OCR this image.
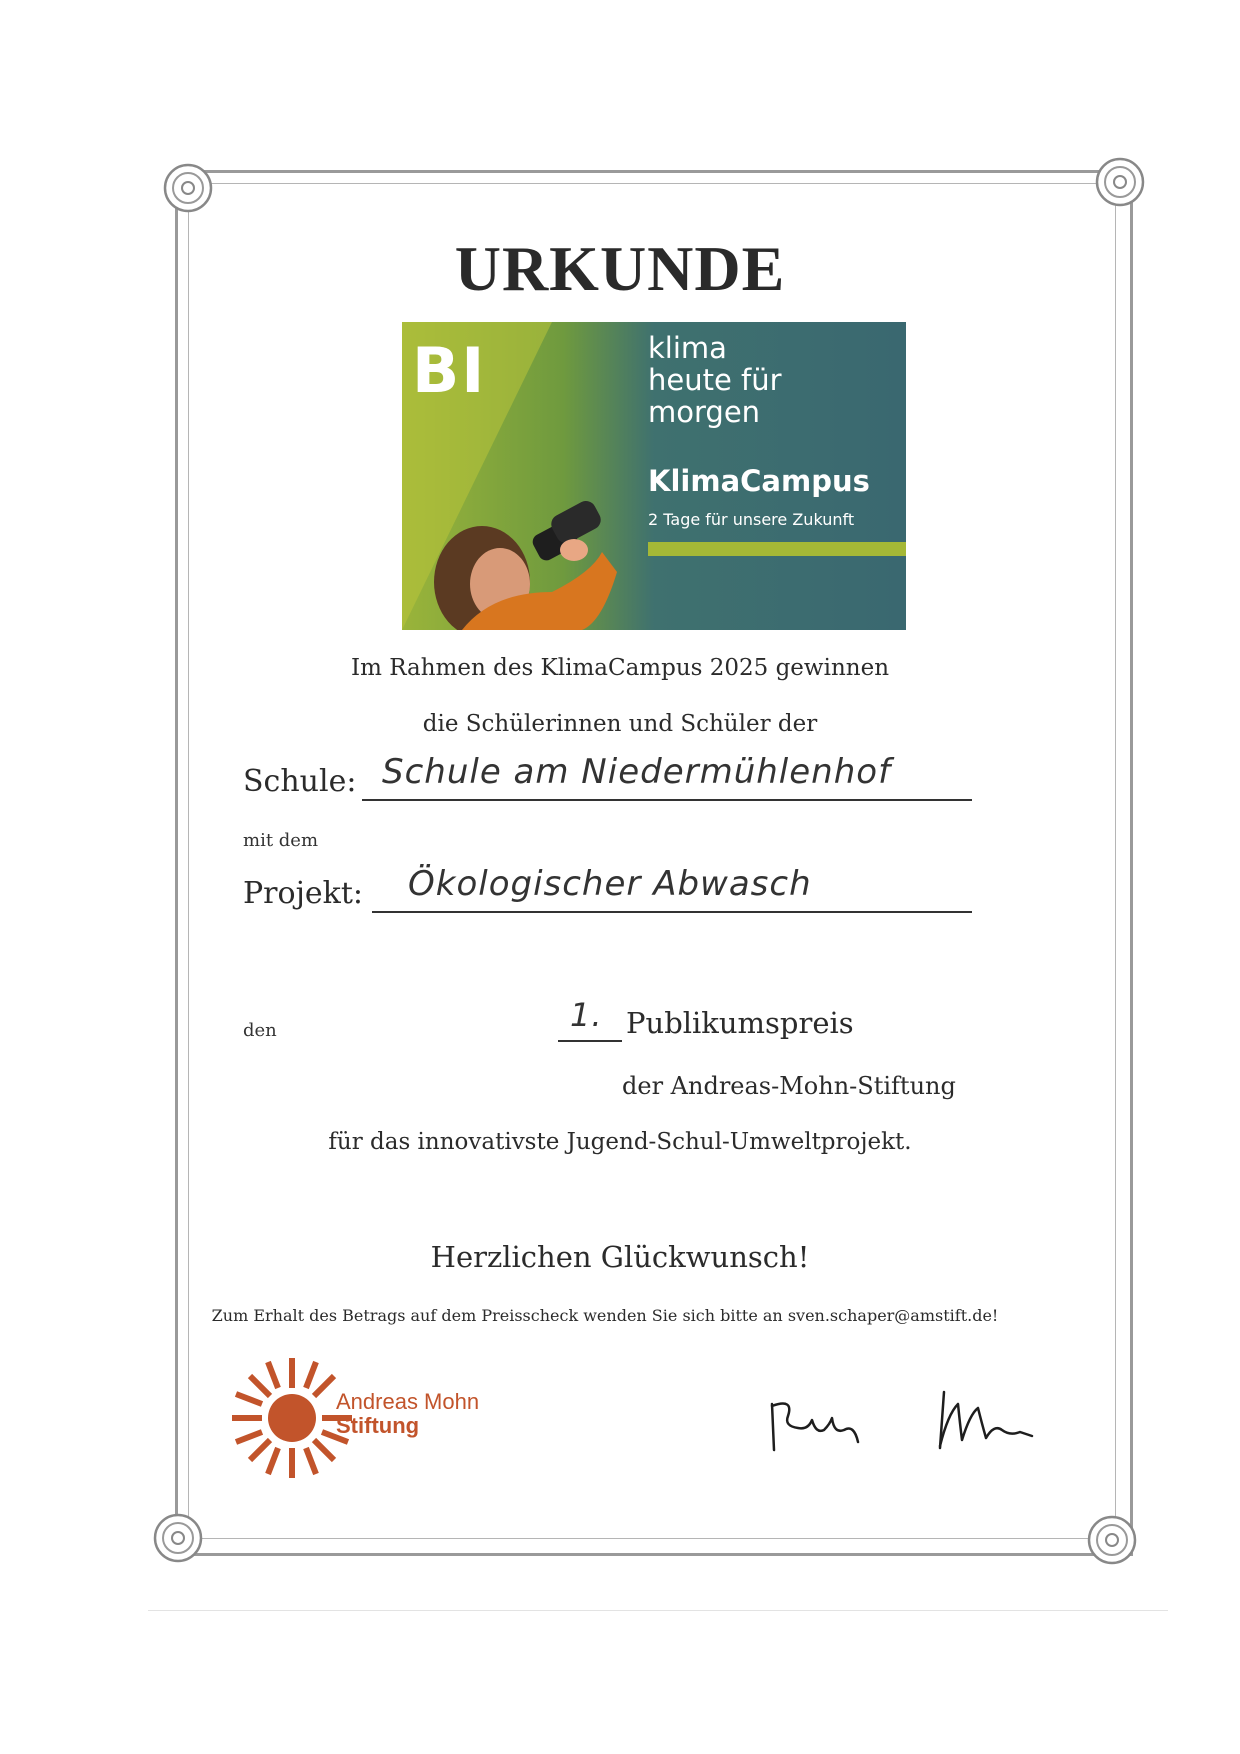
URKUNDE
BI	klima
heute für
morgen
KlimaCampus
2 Tage für unsere Zukunft
Im Rahmen des KlimaCampus 2025 gewinnen
die Schülerinnen und Schüler der
Schule: Schule am Niedermühlenhof
mit dem
Projekt: Ökologischer Abwasch
den	1. Publikumspreis
der Andreas-Mohn-Stiftung
für das innovativste Jugend-Schul-Umweltprojekt.
Herzlichen Glückwunsch!
Zum Erhalt des Betrags auf dem Preisscheck wenden Sie sich bitte an sven.schaper@amstift.de!
Andreas Mohn
Stiftung
